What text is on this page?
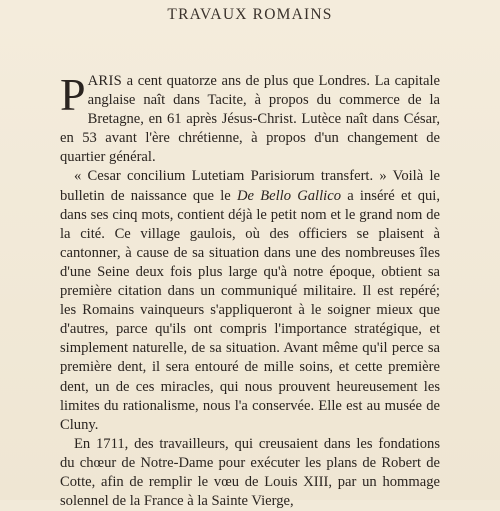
TRAVAUX ROMAINS

PARIS a cent quatorze ans de plus que Londres. La capitale anglaise naît dans Tacite, à propos du commerce de la Bretagne, en 61 après Jésus-Christ. Lutèce naît dans César, en 53 avant l'ère chrétienne, à propos d'un changement de quartier général.

« Cesar concilium Lutetiam Parisiorum transfert. » Voilà le bulletin de naissance que le De Bello Gallico a inséré et qui, dans ses cinq mots, contient déjà le petit nom et le grand nom de la cité. Ce village gaulois, où des officiers se plaisent à cantonner, à cause de sa situation dans une des nombreuses îles d'une Seine deux fois plus large qu'à notre époque, obtient sa première citation dans un communiqué militaire. Il est repéré; les Romains vainqueurs s'appliqueront à le soigner mieux que d'autres, parce qu'ils ont compris l'importance stratégique, et simplement naturelle, de sa situation. Avant même qu'il perce sa première dent, il sera entouré de mille soins, et cette première dent, un de ces miracles, qui nous prouvent heureusement les limites du rationalisme, nous l'a conservée. Elle est au musée de Cluny.

En 1711, des travailleurs, qui creusaient dans les fondations du chœur de Notre-Dame pour exécuter les plans de Robert de Cotte, afin de remplir le vœu de Louis XIII, par un hommage solennel de la France à la Sainte Vierge,
